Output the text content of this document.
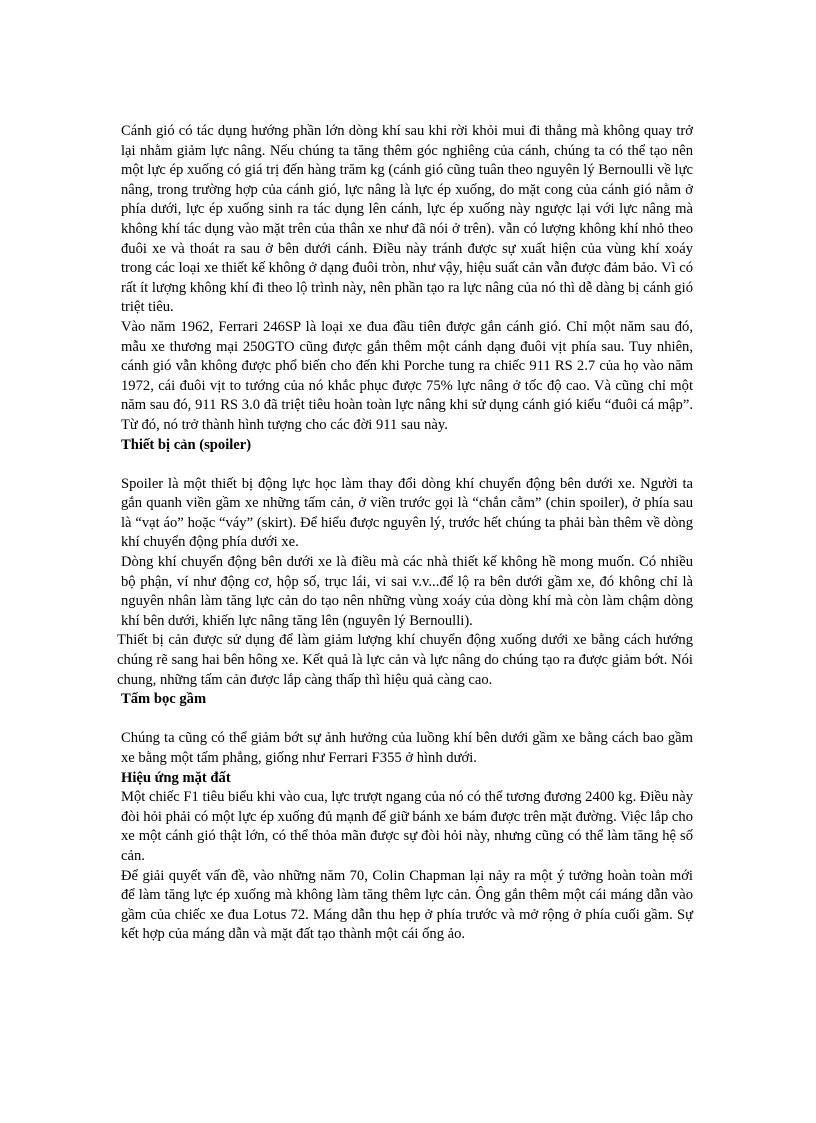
Cánh gió có tác dụng hướng phần lớn dòng khí sau khi rời khỏi mui đi thẳng mà không quay trở lại nhằm giảm lực nâng. Nếu chúng ta tăng thêm góc nghiêng của cánh, chúng ta có thể tạo nên một lực ép xuống có giá trị đến hàng trăm kg (cánh gió cũng tuân theo nguyên lý Bernoulli về lực nâng, trong trường hợp của cánh gió, lực nâng là lực ép xuống, do mặt cong của cánh gió nằm ở phía dưới, lực ép xuống sinh ra tác dụng lên cánh, lực ép xuống này ngược lại với lực nâng mà không khí tác dụng vào mặt trên của thân xe như đã nói ở trên). vẫn có lượng không khí nhỏ theo đuôi xe và thoát ra sau ở bên dưới cánh. Điều này tránh được sự xuất hiện của vùng khí xoáy trong các loại xe thiết kế không ở dạng đuôi tròn, như vậy, hiệu suất cản vẫn được đảm bảo. Vì có rất ít lượng không khí đi theo lộ trình này, nên phần tạo ra lực nâng của nó thì dễ dàng bị cánh gió triệt tiêu.

Vào năm 1962, Ferrari 246SP là loại xe đua đầu tiên được gắn cánh gió. Chỉ một năm sau đó, mẫu xe thương mại 250GTO cũng được gắn thêm một cánh dạng đuôi vịt phía sau. Tuy nhiên, cánh gió vẫn không được phổ biến cho đến khi Porche tung ra chiếc 911 RS 2.7 của họ vào năm 1972, cái đuôi vịt to tướng của nó khắc phục được 75% lực nâng ở tốc độ cao. Và cũng chỉ một năm sau đó, 911 RS 3.0 đã triệt tiêu hoàn toàn lực nâng khi sử dụng cánh gió kiểu “đuôi cá mập”. Từ đó, nó trở thành hình tượng cho các đời 911 sau này.

Thiết bị cản (spoiler)

Spoiler là một thiết bị động lực học làm thay đổi dòng khí chuyển động bên dưới xe. Người ta gắn quanh viền gầm xe những tấm cản, ở viền trước gọi là “chắn cằm” (chin spoiler), ở phía sau là “vạt áo” hoặc “váy” (skirt). Để hiểu được nguyên lý, trước hết chúng ta phải bàn thêm về dòng khí chuyển động phía dưới xe.

Dòng khí chuyển động bên dưới xe là điều mà các nhà thiết kế không hề mong muốn. Có nhiều bộ phận, ví như động cơ, hộp số, trục lái, vi sai v.v...để lộ ra bên dưới gầm xe, đó không chỉ là nguyên nhân làm tăng lực cản do tạo nên những vùng xoáy của dòng khí mà còn làm chậm dòng khí bên dưới, khiến lực nâng tăng lên (nguyên lý Bernoulli).

Thiết bị cản được sử dụng để làm giảm lượng khí chuyển động xuống dưới xe bằng cách hướng chúng rẽ sang hai bên hông xe. Kết quả là lực cản và lực nâng do chúng tạo ra được giảm bớt. Nói chung, những tấm cản được lắp càng thấp thì hiệu quả càng cao.

Tấm bọc gầm

Chúng ta cũng có thể giảm bớt sự ảnh hưởng của luồng khí bên dưới gầm xe bằng cách bao gầm xe bằng một tấm phẳng, giống như Ferrari F355 ở hình dưới.

Hiệu ứng mặt đất

Một chiếc F1 tiêu biểu khi vào cua, lực trượt ngang của nó có thể tương đương 2400 kg. Điều này đòi hỏi phải có một lực ép xuống đủ mạnh để giữ bánh xe bám được trên mặt đường. Việc lắp cho xe một cánh gió thật lớn, có thể thỏa mãn được sự đòi hỏi này, nhưng cũng có thể làm tăng hệ số cản.

Để giải quyết vấn đề, vào những năm 70, Colin Chapman lại nảy ra một ý tưởng hoàn toàn mới để làm tăng lực ép xuống mà không làm tăng thêm lực cản. Ông gắn thêm một cái máng dẫn vào gầm của chiếc xe đua Lotus 72. Máng dẫn thu hẹp ở phía trước và mở rộng ở phía cuối gầm. Sự kết hợp của máng dẫn và mặt đất tạo thành một cái ống ảo.
